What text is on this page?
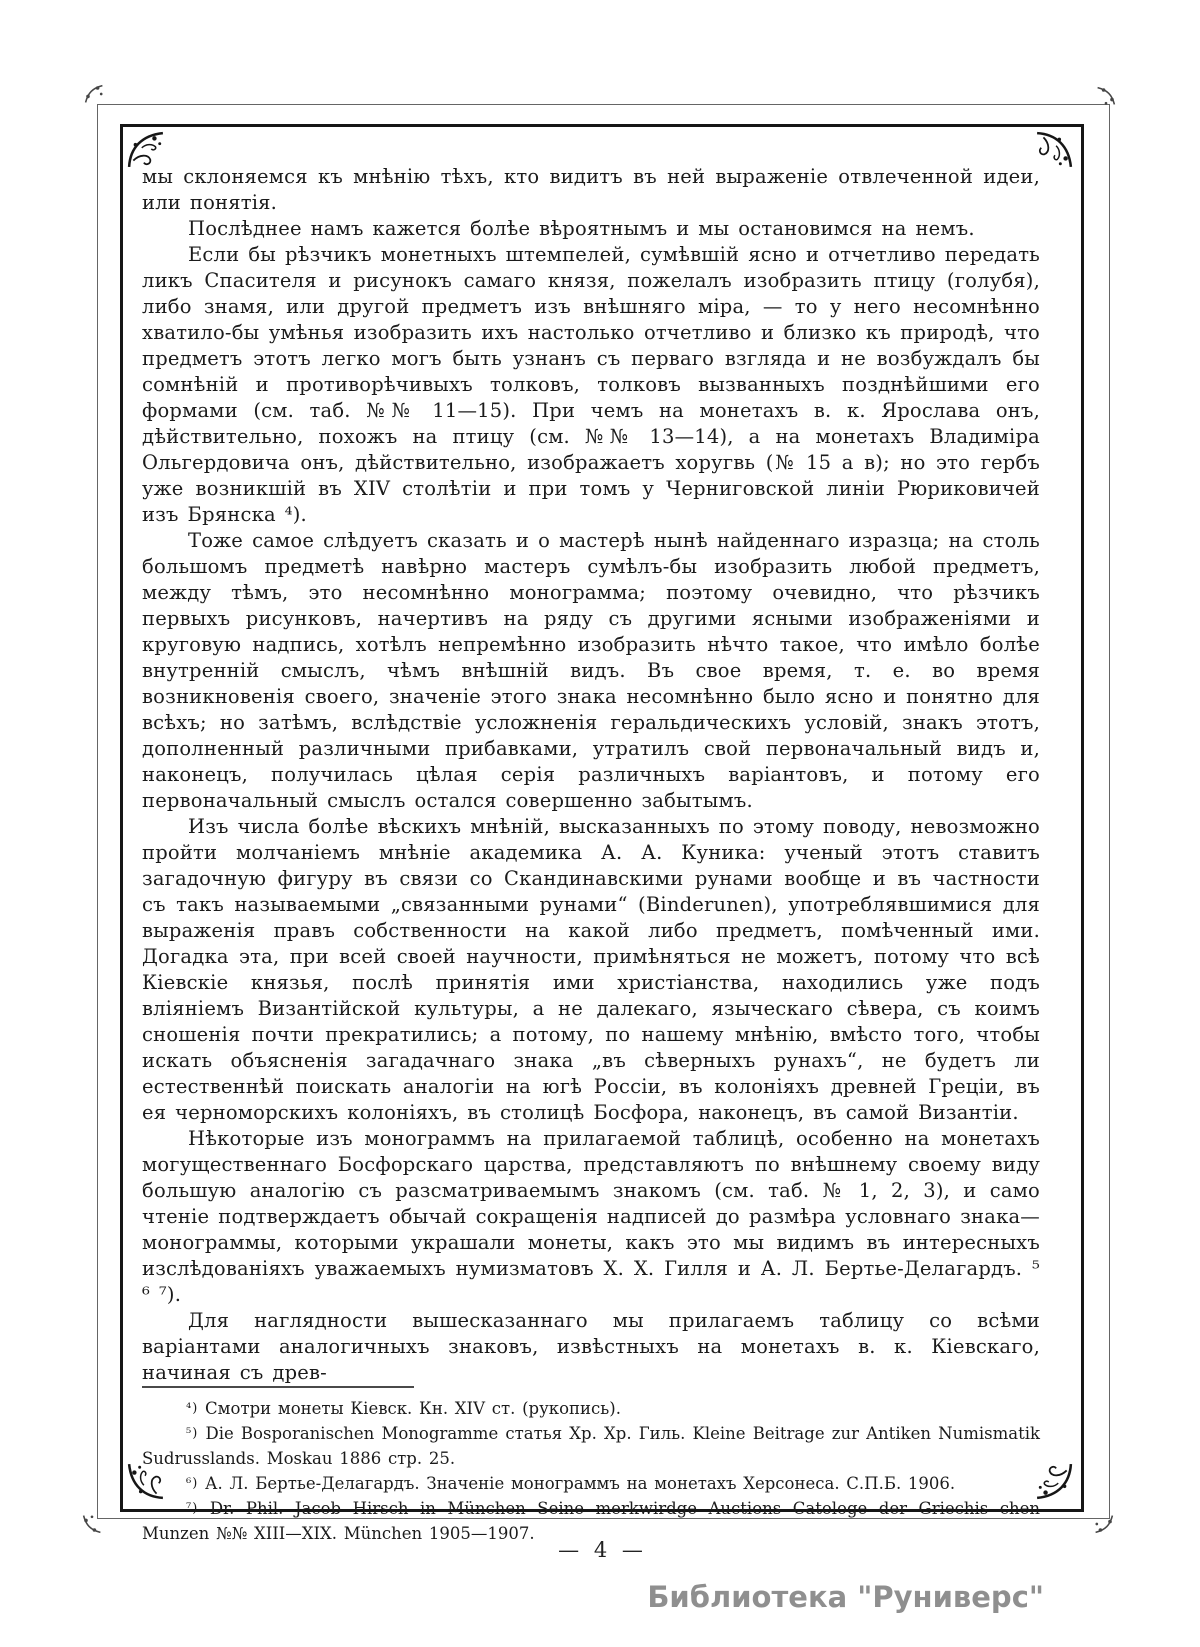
мы склоняемся къ мнѣнію тѣхъ, кто видитъ въ ней выраженіе отвлеченной идеи, или понятія.

Послѣднее намъ кажется болѣе вѣроятнымъ и мы остановимся на немъ.

Если бы рѣзчикъ монетныхъ штемпелей, сумѣвшій ясно и отчетливо передать ликъ Спасителя и рисунокъ самаго князя, пожелалъ изобразить птицу (голубя), либо знамя, или другой предметъ изъ внѣшняго міра, — то у него несомнѣнно хватило-бы умѣнья изобразить ихъ настолько отчетливо и близко къ природѣ, что предметъ этотъ легко могъ быть узнанъ съ перваго взгляда и не возбуждалъ бы сомнѣній и противорѣчивыхъ толковъ, толковъ вызванныхъ позднѣйшими его формами (см. таб. №№ 11—15). При чемъ на монетахъ в. к. Ярослава онъ, дѣйствительно, похожъ на птицу (см. №№ 13—14), а на монетахъ Владиміра Ольгердовича онъ, дѣйствительно, изображаетъ хоругвь (№ 15 а в); но это гербъ уже возникшій въ XIV столѣтіи и при томъ у Черниговской линіи Рюриковичей изъ Брянска ⁴).

Тоже самое слѣдуетъ сказать и о мастерѣ нынѣ найденнаго изразца; на столь большомъ предметѣ навѣрно мастеръ сумѣлъ-бы изобразить любой предметъ, между тѣмъ, это несомнѣнно монограмма; поэтому очевидно, что рѣзчикъ первыхъ рисунковъ, начертивъ на ряду съ другими ясными изображеніями и круговую надпись, хотѣлъ непремѣнно изобразить нѣчто такое, что имѣло болѣе внутренній смыслъ, чѣмъ внѣшній видъ. Въ свое время, т. е. во время возникновенія своего, значеніе этого знака несомнѣнно было ясно и понятно для всѣхъ; но затѣмъ, вслѣдствіе усложненія геральдическихъ условій, знакъ этотъ, дополненный различными прибавками, утратилъ свой первоначальный видъ и, наконецъ, получилась цѣлая серія различныхъ варіантовъ, и потому его первоначальный смыслъ остался совершенно забытымъ.

Изъ числа болѣе вѣскихъ мнѣній, высказанныхъ по этому поводу, невозможно пройти молчаніемъ мнѣніе академика А. А. Куника: ученый этотъ ставитъ загадочную фигуру въ связи со Скандинавскими рунами вообще и въ частности съ такъ называемыми „связанными рунами“ (Binderunen), употреблявшимися для выраженія правъ собственности на какой либо предметъ, помѣченный ими. Догадка эта, при всей своей научности, примѣняться не можетъ, потому что всѣ Кіевскіе князья, послѣ принятія ими христіанства, находились уже подъ вліяніемъ Византійской культуры, а не далекаго, языческаго сѣвера, съ коимъ сношенія почти прекратились; а потому, по нашему мнѣнію, вмѣсто того, чтобы искать объясненія загадачнаго знака „въ сѣверныхъ рунахъ“, не будетъ ли естественнѣй поискать аналогіи на югѣ Россіи, въ колоніяхъ древней Греціи, въ ея черноморскихъ колоніяхъ, въ столицѣ Босфора, наконецъ, въ самой Византіи.

Нѣкоторые изъ монограммъ на прилагаемой таблицѣ, особенно на монетахъ могущественнаго Босфорскаго царства, представляютъ по внѣшнему своему виду большую аналогію съ разсматриваемымъ знакомъ (см. таб. № 1, 2, 3), и само чтеніе подтверждаетъ обычай сокращенія надписей до размѣра условнаго знака—монограммы, которыми украшали монеты, какъ это мы видимъ въ интересныхъ изслѣдованіяхъ уважаемыхъ нумизматовъ Х. Х. Гилля и А. Л. Бертье-Делагардъ. ⁵ ⁶ ⁷).

Для наглядности вышесказаннаго мы прилагаемъ таблицу со всѣми варіантами аналогичныхъ знаковъ, извѣстныхъ на монетахъ в. к. Кіевскаго, начиная съ древ-

⁴) Смотри монеты Кіевск. Кн. XIV ст. (рукопись).

⁵) Die Bosporanischen Monogramme статья Хр. Хр. Гиль. Kleine Beitrage zur Antiken Numismatik Sudrusslands. Moskau 1886 стр. 25.

⁶) А. Л. Бертье-Делагардъ. Значеніе монограммъ на монетахъ Херсонеса. С.П.Б. 1906.

⁷) Dr. Phil. Jacob Hirsch in München Seine merkwirdge Auctions Catologe der Griechis chen Munzen №№ XIII—XIX. München 1905—1907.

— 4 —
Библиотека "Руниверс"
